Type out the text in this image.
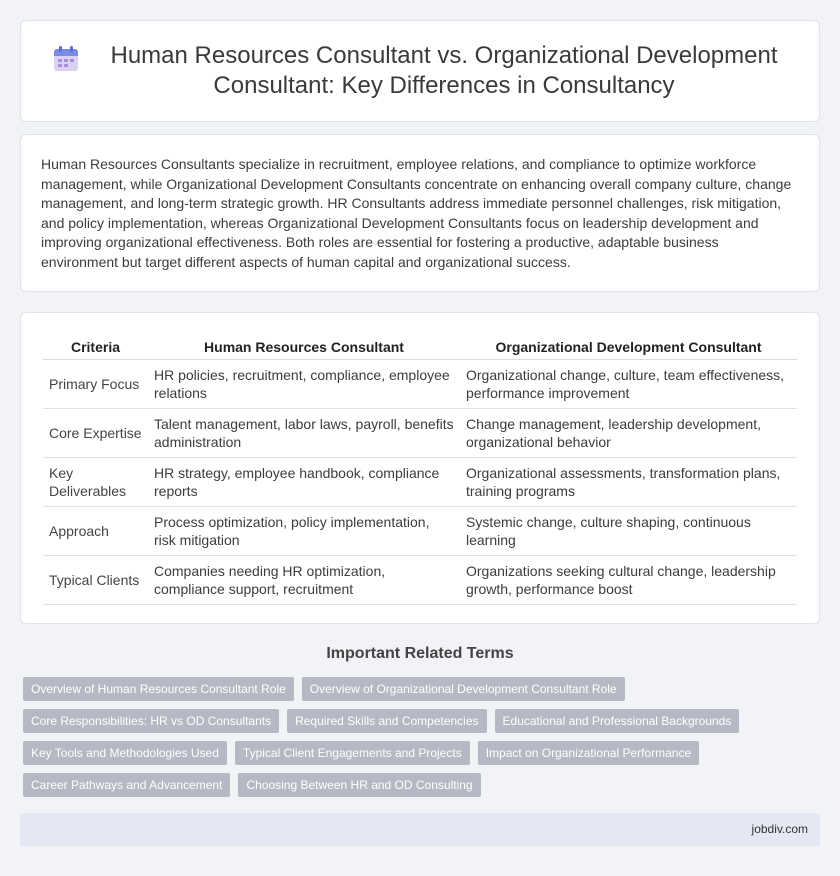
Human Resources Consultant vs. Organizational Development Consultant: Key Differences in Consultancy

Human Resources Consultants specialize in recruitment, employee relations, and compliance to optimize workforce management, while Organizational Development Consultants concentrate on enhancing overall company culture, change management, and long-term strategic growth. HR Consultants address immediate personnel challenges, risk mitigation, and policy implementation, whereas Organizational Development Consultants focus on leadership development and improving organizational effectiveness. Both roles are essential for fostering a productive, adaptable business environment but target different aspects of human capital and organizational success.

Criteria	Human Resources Consultant	Organizational Development Consultant
Primary Focus	HR policies, recruitment, compliance, employee relations	Organizational change, culture, team effectiveness, performance improvement
Core Expertise	Talent management, labor laws, payroll, benefits administration	Change management, leadership development, organizational behavior
Key Deliverables	HR strategy, employee handbook, compliance reports	Organizational assessments, transformation plans, training programs
Approach	Process optimization, policy implementation, risk mitigation	Systemic change, culture shaping, continuous learning
Typical Clients	Companies needing HR optimization, compliance support, recruitment	Organizations seeking cultural change, leadership growth, performance boost
Important Related Terms
Overview of Human Resources Consultant Role	Overview of Organizational Development Consultant Role
Core Responsibilities: HR vs OD Consultants	Required Skills and Competencies	Educational and Professional Backgrounds
Key Tools and Methodologies Used	Typical Client Engagements and Projects	Impact on Organizational Performance
Career Pathways and Advancement	Choosing Between HR and OD Consulting
jobdiv.com
